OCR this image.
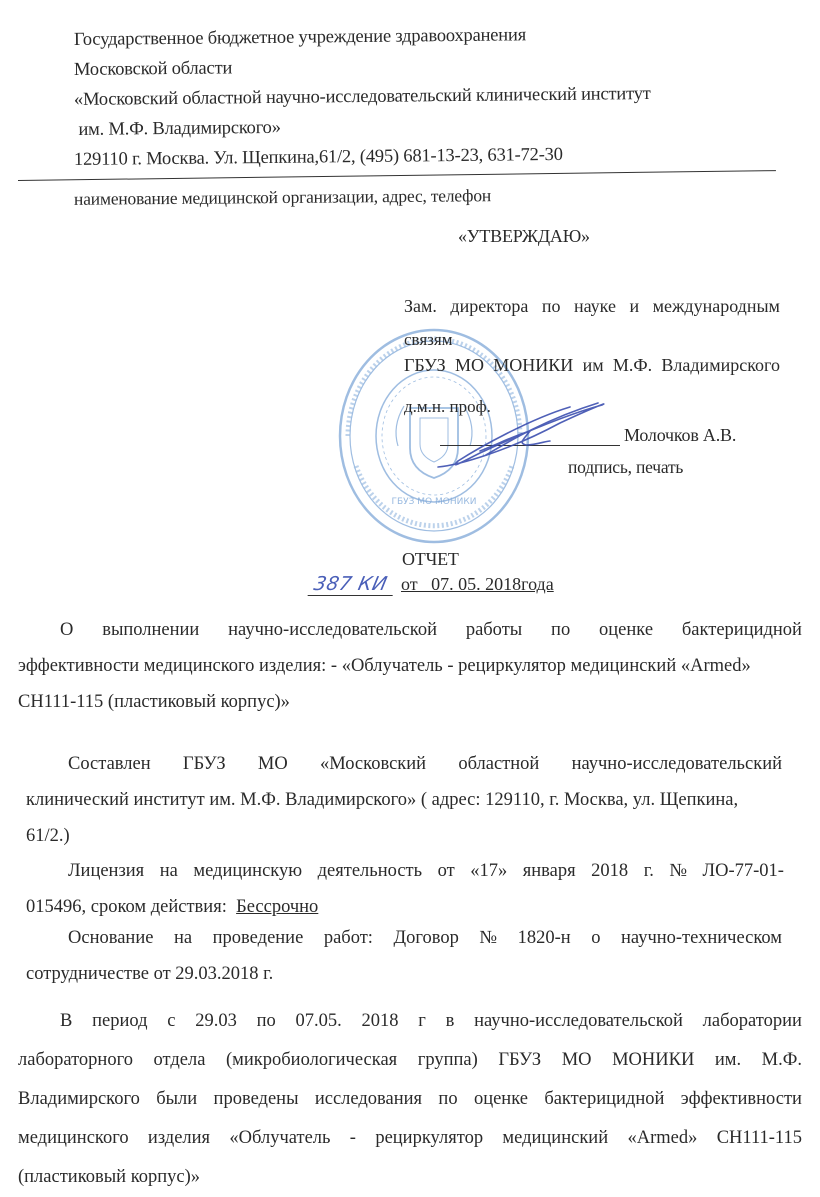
Государственное бюджетное учреждение здравоохранения
Московской области
«Московский областной научно-исследовательский клинический институт
им. М.Ф. Владимирского»
129110 г. Москва. Ул. Щепкина,61/2, (495) 681-13-23, 631-72-30
наименование медицинской организации, адрес, телефон
«УТВЕРЖДАЮ»
ГБУЗ МО МОНИКИ
Зам. директора по науке и международным
связям
ГБУЗ МО МОНИКИ им М.Ф. Владимирского
д.м.н. проф.
Молочков А.В.
подпись, печать
ОТЧЕТ
387 КИ от   07. 05. 2018года
О выполнении научно-исследовательской работы по оценке бактерицидной
эффективности медицинского изделия: - «Облучатель - рециркулятор медицинский «Armed»
СН111-115 (пластиковый корпус)»
Составлен ГБУЗ МО «Московский областной научно-исследовательский
клинический институт им. М.Ф. Владимирского» ( адрес: 129110, г. Москва, ул. Щепкина,
61/2.)
Лицензия на медицинскую деятельность от «17» января 2018 г. № ЛО-77-01-
015496, сроком действия: Бессрочно
Основание на проведение работ: Договор № 1820-н о научно-техническом
сотрудничестве от 29.03.2018 г.
В период с 29.03 по 07.05. 2018 г в научно-исследовательской лаборатории
лабораторного отдела (микробиологическая группа) ГБУЗ МО МОНИКИ им. М.Ф.
Владимирского были проведены исследования по оценке бактерицидной эффективности
медицинского изделия «Облучатель - рециркулятор медицинский «Armed» СН111-115
(пластиковый корпус)»
